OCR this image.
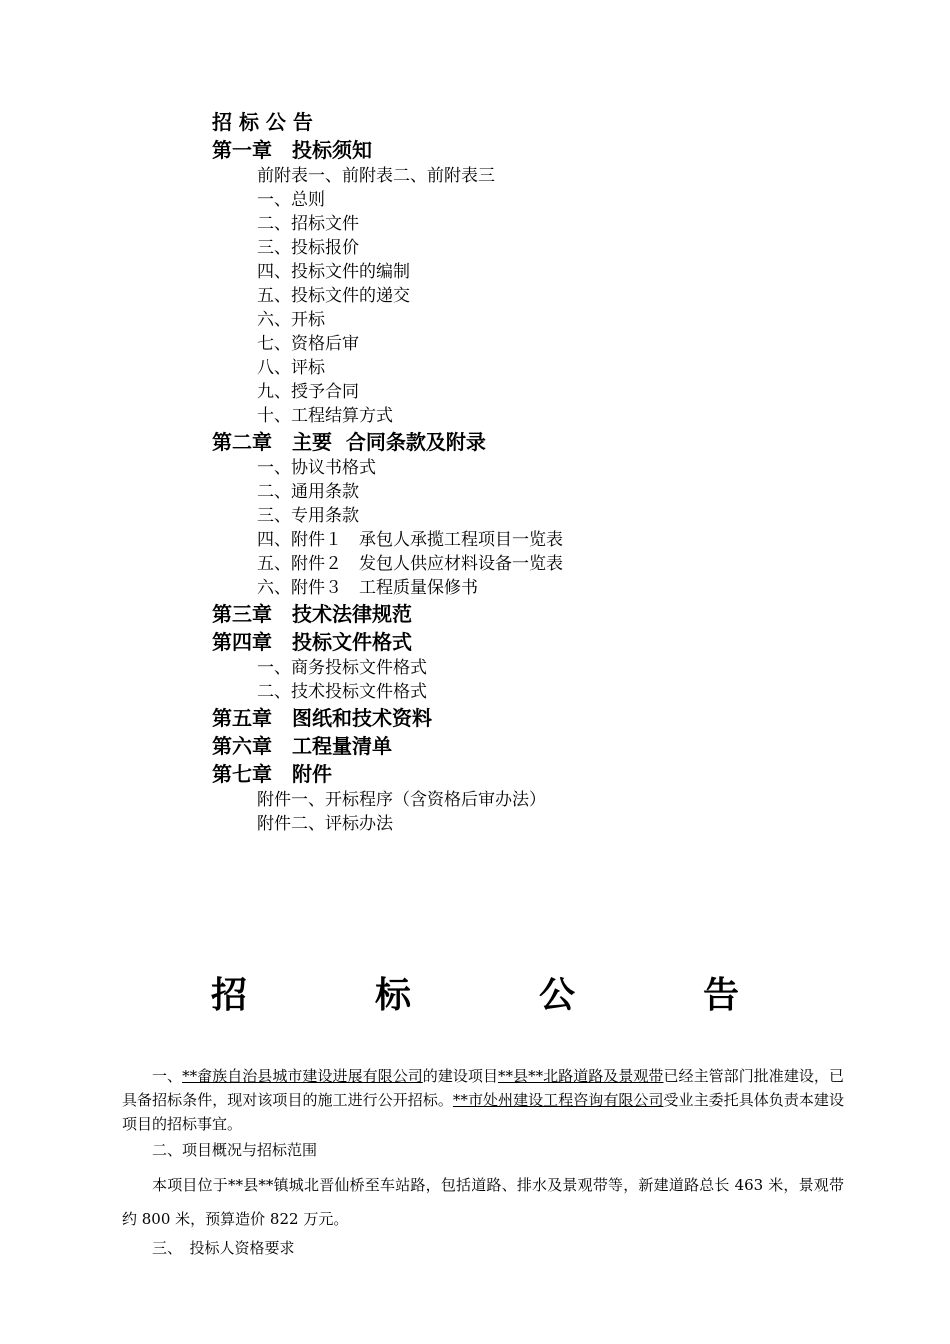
招 标 公 告
第一章　投标须知
前附表一、前附表二、前附表三
一、总则
二、招标文件
三、投标报价
四、投标文件的编制
五、投标文件的递交
六、开标
七、资格后审
八、评标
九、授予合同
十、工程结算方式
第二章　主要  合同条款及附录
一、协议书格式
二、通用条款
三、专用条款
四、附件１　承包人承揽工程项目一览表
五、附件２　发包人供应材料设备一览表
六、附件３　工程质量保修书
第三章　技术法律规范
第四章　投标文件格式
一、商务投标文件格式
二、技术投标文件格式
第五章　图纸和技术资料
第六章　工程量清单
第七章　附件
附件一、开标程序（含资格后审办法）
附件二、评标办法
招　标　公　告

一、**畲族自治县城市建设进展有限公司的建设项目**县**北路道路及景观带已经主管部门批准建设，已具备招标条件，现对该项目的施工进行公开招标。**市处州建设工程咨询有限公司受业主委托具体负责本建设项目的招标事宜。

二、项目概况与招标范围

本项目位于**县**镇城北晋仙桥至车站路，包括道路、排水及景观带等，新建道路总长 463 米，景观带约 800 米，预算造价 822 万元。

三、　投标人资格要求
